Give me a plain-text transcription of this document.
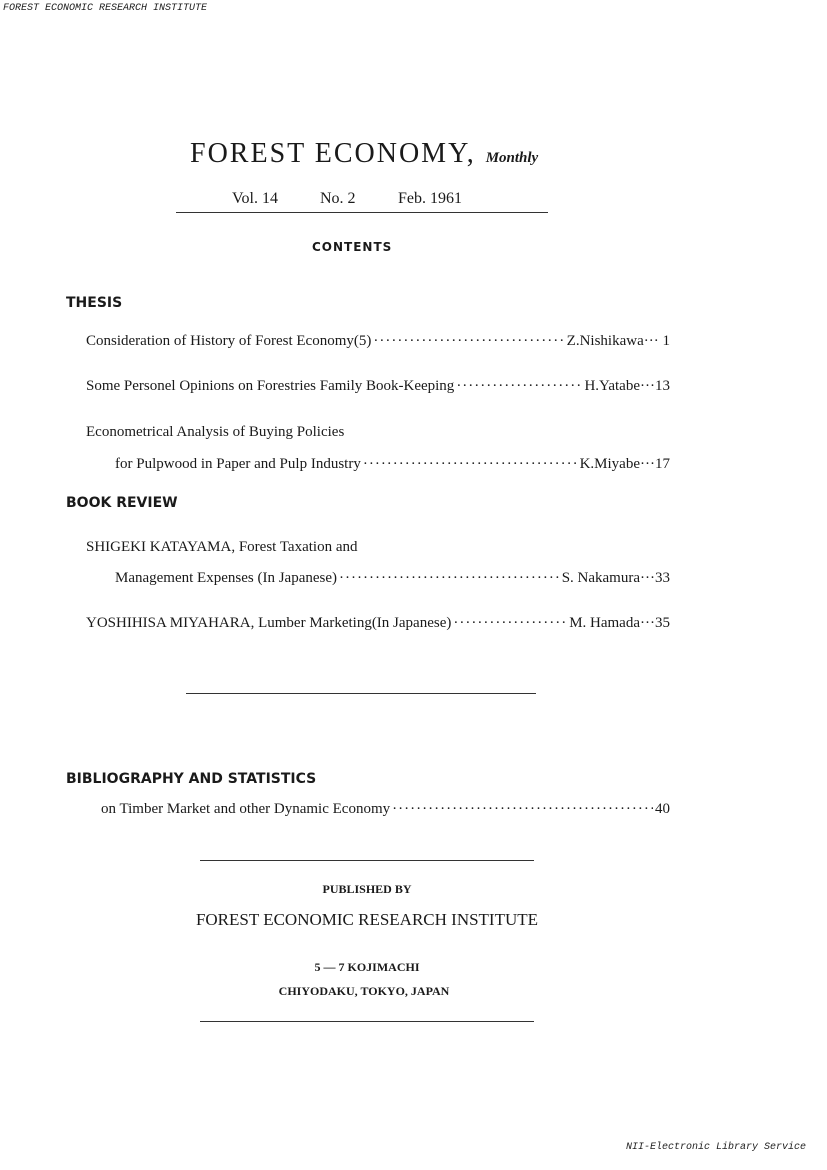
FOREST ECONOMIC RESEARCH INSTITUTE
NII-Electronic Library Service
FOREST ECONOMY, Monthly
Vol. 14	No. 2	Feb. 1961
CONTENTS
THESIS
Consideration of History of Forest Economy(5) ·····	Z.Nishikawa ··· 1
Some Personel Opinions on Forestries Family Book-Keeping ·····	H.Yatabe ···13
Econometrical Analysis of Buying Policies
for Pulpwood in Paper and Pulp Industry ·····	K.Miyabe ···17
BOOK REVIEW
SHIGEKI KATAYAMA, Forest Taxation and
Management Expenses (In Japanese) ·····	S. Nakamura ···33
YOSHIHISA MIYAHARA, Lumber Marketing(In Japanese) ·····	M. Hamada ···35
BIBLIOGRAPHY AND STATISTICS
on Timber Market and other Dynamic Economy ·····	40
PUBLISHED BY
FOREST ECONOMIC RESEARCH INSTITUTE
5 — 7 KOJIMACHI
CHIYODAKU, TOKYO, JAPAN
